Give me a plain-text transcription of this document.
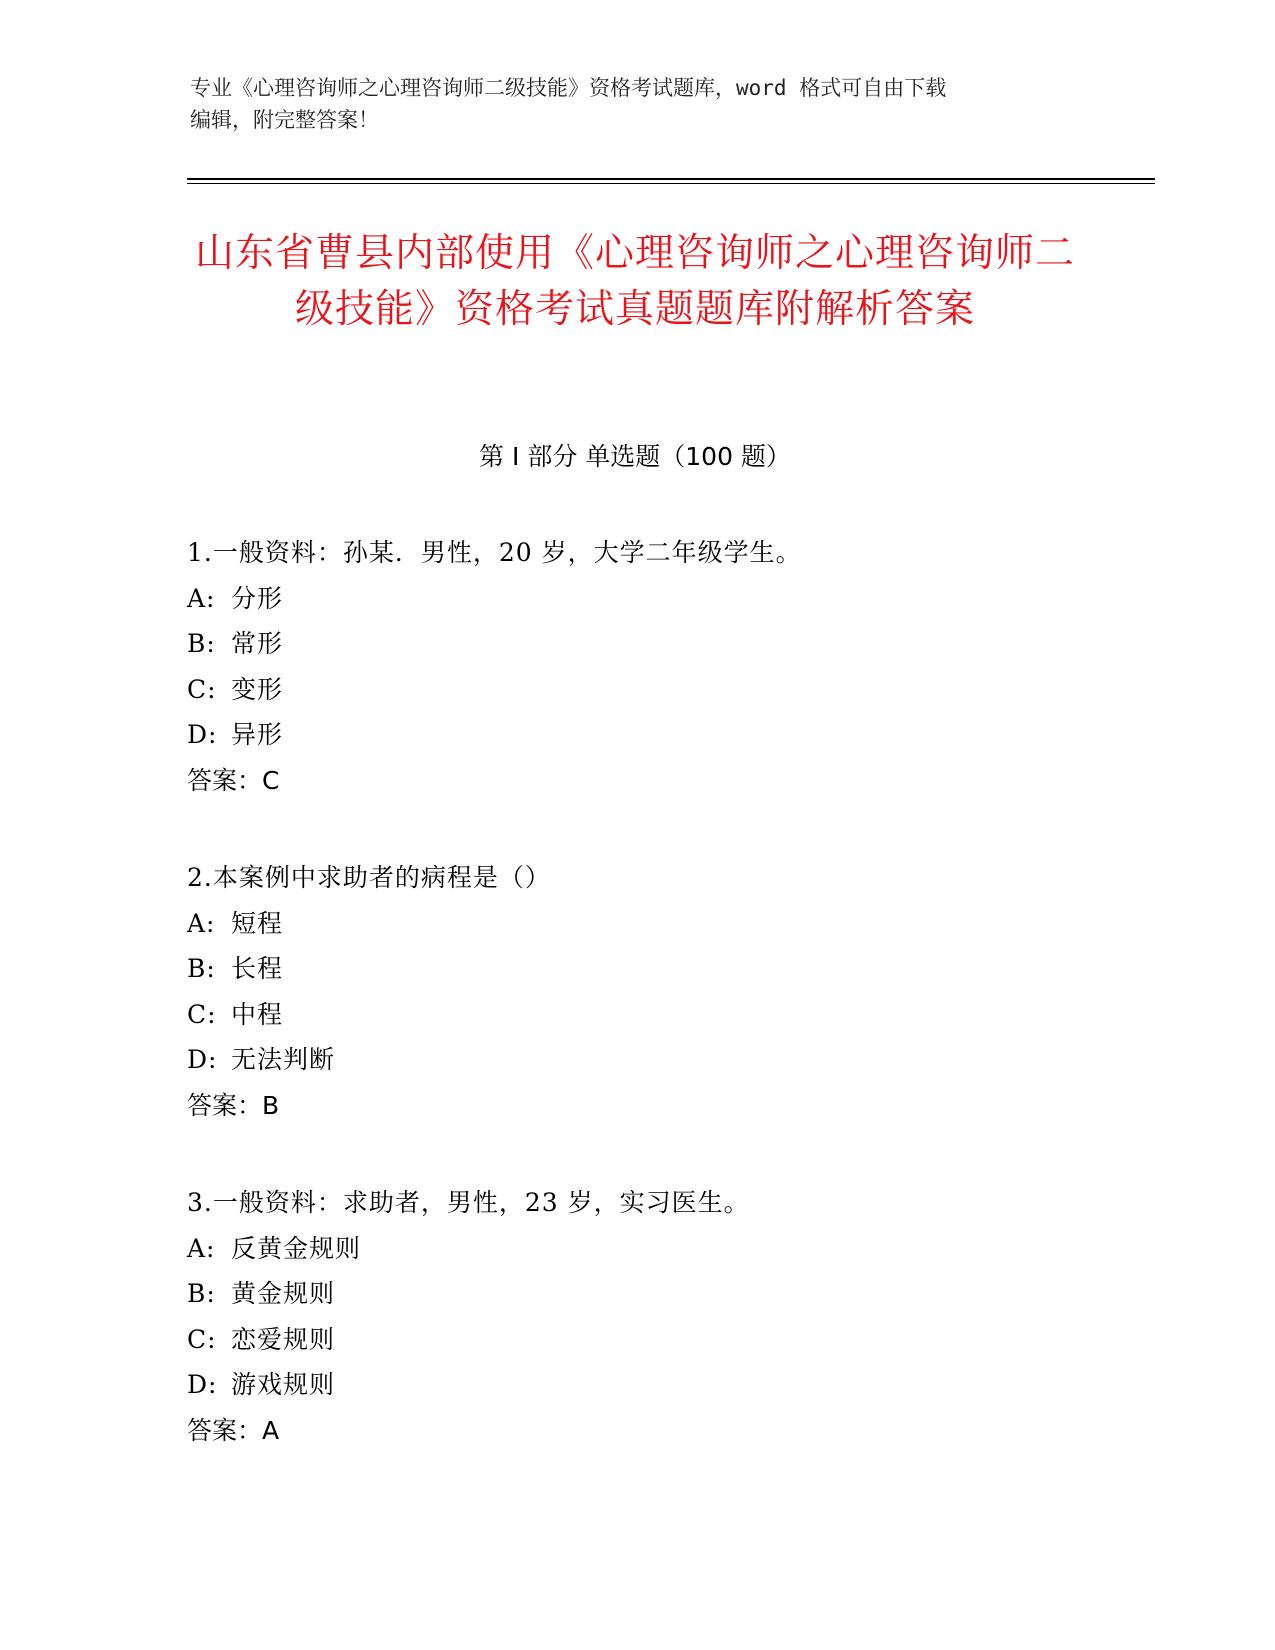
专业《心理咨询师之心理咨询师二级技能》资格考试题库，word 格式可自由下载
编辑，附完整答案！
山东省曹县内部使用《心理咨询师之心理咨询师二级技能》资格考试真题题库附解析答案
第 I 部分 单选题（100 题）
1.一般资料：孙某．男性，20 岁，大学二年级学生。
A: 分形
B: 常形
C: 变形
D: 异形
答案：C
2.本案例中求助者的病程是（）
A: 短程
B: 长程
C: 中程
D: 无法判断
答案：B
3.一般资料：求助者，男性，23 岁，实习医生。
A: 反黄金规则
B: 黄金规则
C: 恋爱规则
D: 游戏规则
答案：A
